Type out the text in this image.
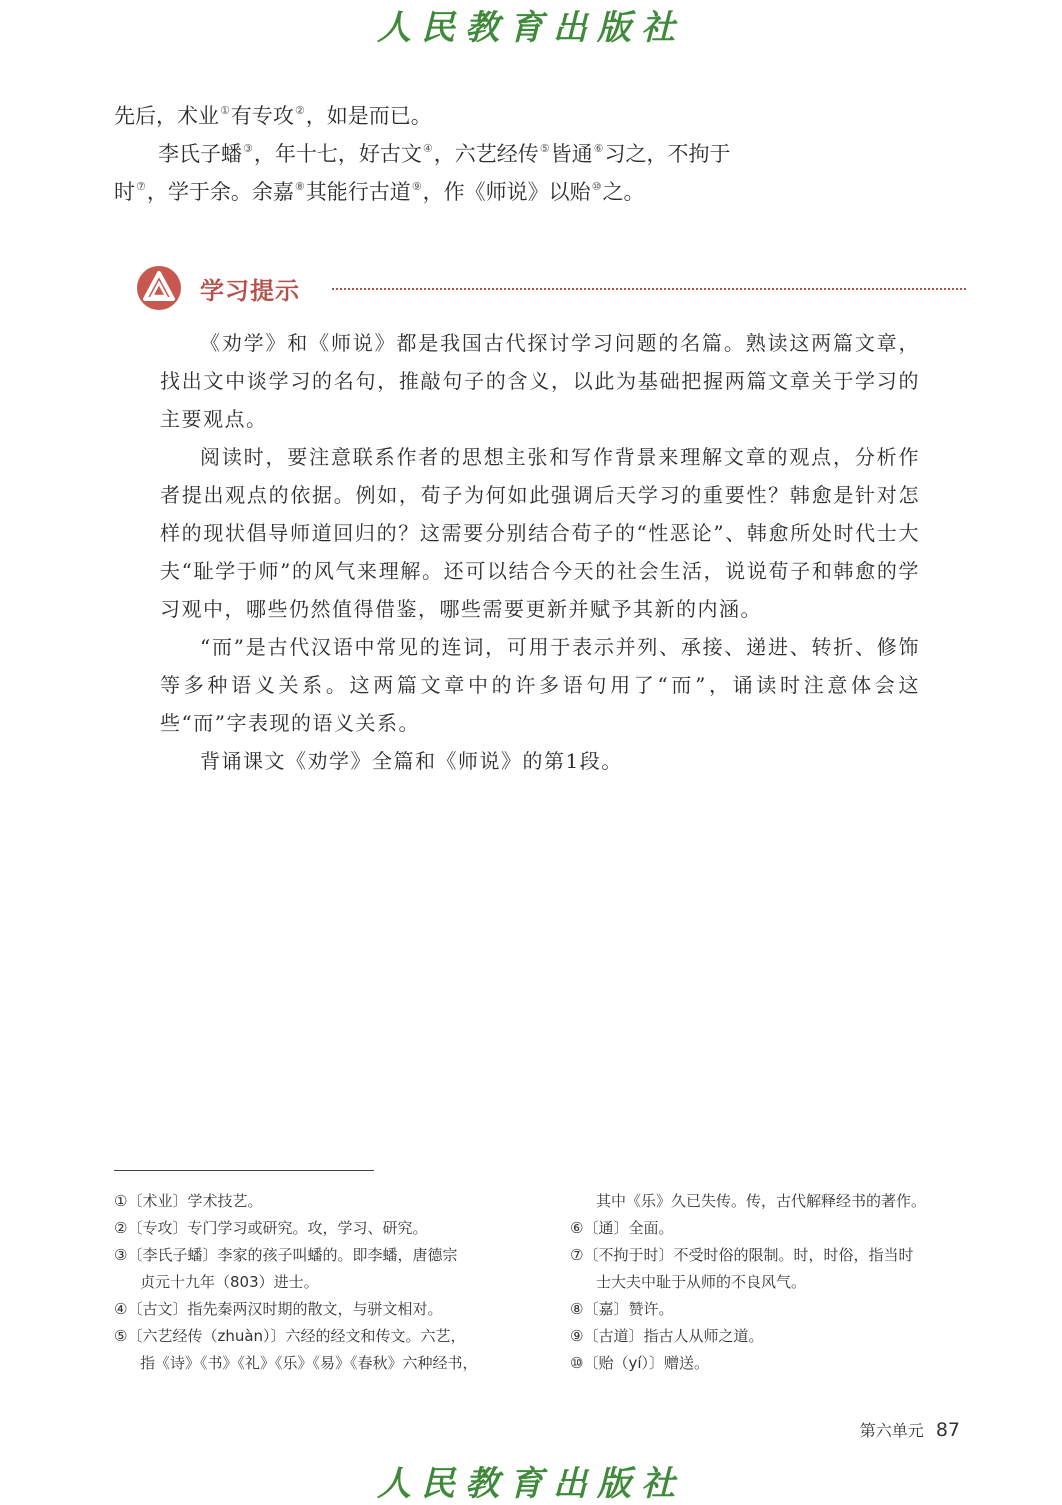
人民教育出版社
先后，术业①有专攻②，如是而已。
李氏子蟠③，年十七，好古文④，六艺经传⑤皆通⑥习之，不拘于
时⑦，学于余。余嘉⑧其能行古道⑨，作《师说》以贻⑩之。
学习提示

《劝学》和《师说》都是我国古代探讨学习问题的名篇。熟读这两篇文章，找出文中谈学习的名句，推敲句子的含义，以此为基础把握两篇文章关于学习的主要观点。

阅读时，要注意联系作者的思想主张和写作背景来理解文章的观点，分析作者提出观点的依据。例如，荀子为何如此强调后天学习的重要性？韩愈是针对怎样的现状倡导师道回归的？这需要分别结合荀子的“性恶论”、韩愈所处时代士大夫“耻学于师”的风气来理解。还可以结合今天的社会生活，说说荀子和韩愈的学习观中，哪些仍然值得借鉴，哪些需要更新并赋予其新的内涵。

“而”是古代汉语中常见的连词，可用于表示并列、承接、递进、转折、修饰等多种语义关系。这两篇文章中的许多语句用了“而”，诵读时注意体会这些“而”字表现的语义关系。

背诵课文《劝学》全篇和《师说》的第1段。

①〔术业〕学术技艺。
②〔专攻〕专门学习或研究。攻，学习、研究。
③〔李氏子蟠〕李家的孩子叫蟠的。即李蟠，唐德宗
贞元十九年（803）进士。
④〔古文〕指先秦两汉时期的散文，与骈文相对。
⑤〔六艺经传（zhuàn）〕六经的经文和传文。六艺，
指《诗》《书》《礼》《乐》《易》《春秋》六种经书，
其中《乐》久已失传。传，古代解释经书的著作。
⑥〔通〕全面。
⑦〔不拘于时〕不受时俗的限制。时，时俗，指当时
士大夫中耻于从师的不良风气。
⑧〔嘉〕赞许。
⑨〔古道〕指古人从师之道。
⑩〔贻（yí）〕赠送。
第六单元 87
人民教育出版社
